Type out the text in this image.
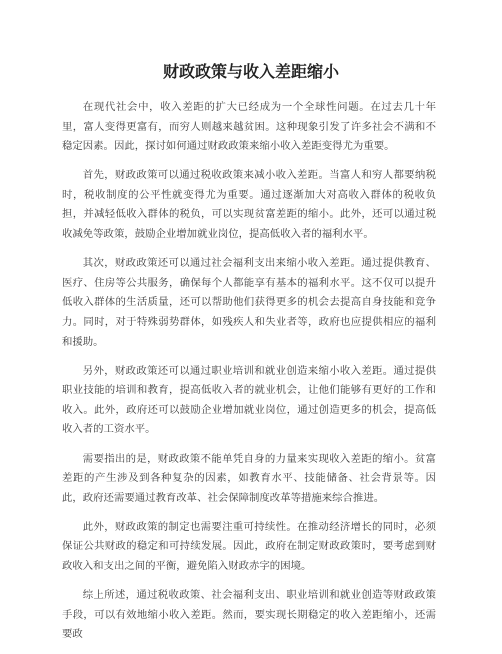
财政政策与收入差距缩小

在现代社会中，收入差距的扩大已经成为一个全球性问题。在过去几十年里，富人变得更富有，而穷人则越来越贫困。这种现象引发了许多社会不满和不稳定因素。因此，探讨如何通过财政政策来缩小收入差距变得尤为重要。

首先，财政政策可以通过税收政策来减小收入差距。当富人和穷人都要纳税时，税收制度的公平性就变得尤为重要。通过逐渐加大对高收入群体的税收负担，并减轻低收入群体的税负，可以实现贫富差距的缩小。此外，还可以通过税收减免等政策，鼓励企业增加就业岗位，提高低收入者的福利水平。

其次，财政政策还可以通过社会福利支出来缩小收入差距。通过提供教育、医疗、住房等公共服务，确保每个人都能享有基本的福利水平。这不仅可以提升低收入群体的生活质量，还可以帮助他们获得更多的机会去提高自身技能和竞争力。同时，对于特殊弱势群体，如残疾人和失业者等，政府也应提供相应的福利和援助。

另外，财政政策还可以通过职业培训和就业创造来缩小收入差距。通过提供职业技能的培训和教育，提高低收入者的就业机会，让他们能够有更好的工作和收入。此外，政府还可以鼓励企业增加就业岗位，通过创造更多的机会，提高低收入者的工资水平。

需要指出的是，财政政策不能单凭自身的力量来实现收入差距的缩小。贫富差距的产生涉及到各种复杂的因素，如教育水平、技能储备、社会背景等。因此，政府还需要通过教育改革、社会保障制度改革等措施来综合推进。

此外，财政政策的制定也需要注重可持续性。在推动经济增长的同时，必须保证公共财政的稳定和可持续发展。因此，政府在制定财政政策时，要考虑到财政收入和支出之间的平衡，避免陷入财政赤字的困境。

综上所述，通过税收政策、社会福利支出、职业培训和就业创造等财政政策手段，可以有效地缩小收入差距。然而，要实现长期稳定的收入差距缩小，还需要政
